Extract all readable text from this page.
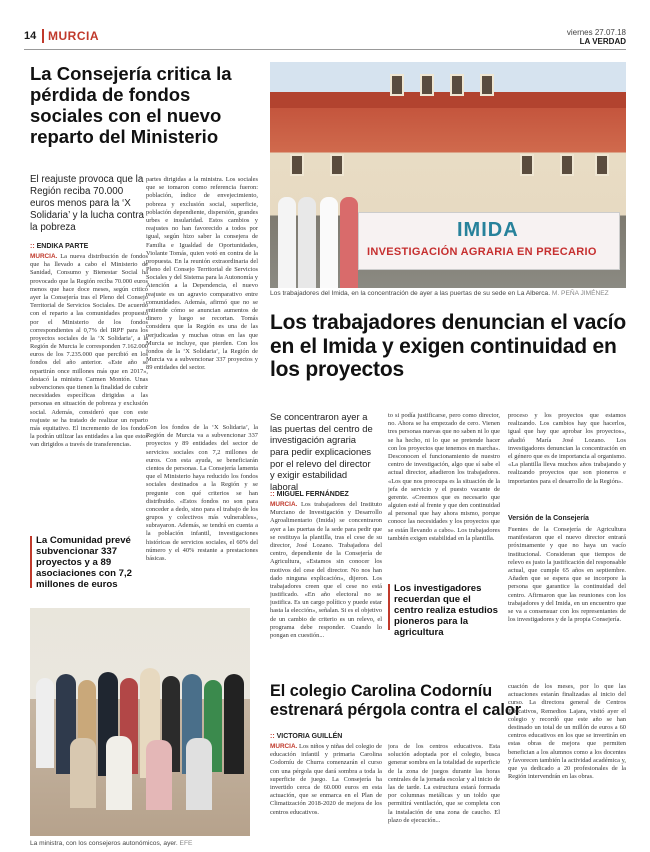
14 MURCIA	viernes 27.07.18
LA VERDAD
La Consejería critica la pérdida de fondos sociales con el nuevo reparto del Ministerio

El reajuste provoca que la Región reciba 70.000 euros menos para la ‘X Solidaria’ y la lucha contra la pobreza

:: ENDIKA PARTE
MURCIA. La nueva distribución de fondos que ha llevado a cabo el Ministerio de Sanidad, Consumo y Bienestar Social ha provocado que la Región reciba 70.000 euros menos que hace doce meses, según criticó ayer la Consejería tras el Pleno del Consejo Territorial de Servicios Sociales. De acuerdo con el reparto a las comunidades propuesto por el Ministerio de los fondos correspondientes al 0,7% del IRPF para los proyectos sociales de la ‘X Solidaria’, a la Región de Murcia le corresponden 7.162.000 euros de los 7.235.000 que percibió en los fondos del año anterior. «Este año se repartirán once millones más que en 2017», destacó la ministra Carmen Montón. Unas subvenciones que tienen la finalidad de cubrir necesidades específicas dirigidas a las personas en situación de pobreza y exclusión social. Además, consideró que con este reajuste se ha tratado de realizar un reparto más equitativo. El incremento de los fondos la podrán utilizar las entidades a las que estos van dirigidos a través de transferencias.
partes dirigidas a la ministra. Los sociales que se tomaron como referencia fueron: población, índice de envejecimiento, pobreza y exclusión social, superficie, población dependiente, dispersión, grandes urbes e insularidad. Estos cambios y reajustes no han favorecido a todos por igual, según hizo saber la consejera de Familia e Igualdad de Oportunidades, Violante Tomás, quien votó en contra de la propuesta. En la reunión extraordinaria del Pleno del Consejo Territorial de Servicios Sociales y del Sistema para la Autonomía y Atención a la Dependencia, el nuevo reajuste es un agravio comparativo entre comunidades. Además, afirmó que no se entiende cómo se anuncian aumentos de dinero y luego se recortan. Tomás considera que la Región es una de las perjudicadas y muchas otras en las que Murcia se incluye, que pierden. Con los fondos de la ‘X Solidaria’, la Región de Murcia va a subvencionar 337 proyectos y 89 entidades del sector.
La Comunidad prevé subvencionar 337 proyectos y a 89 asociaciones con 7,2 millones de euros
Con los fondos de la ‘X Solidaria’, la Región de Murcia va a subvencionar 337 proyectos y 89 entidades del sector de servicios sociales con 7,2 millones de euros. Con esta ayuda, se beneficiarán cientos de personas. La Consejería lamenta que el Ministerio haya reducido los fondos sociales destinados a la Región y se pregunte con qué criterios se han distribuido. «Estos fondos no son para conceder a dedo, sino para el trabajo de los grupos y colectivos más vulnerables», subrayaron. Además, se tendrá en cuenta a la población infantil, investigaciones históricas de servicios sociales, el 60% del número y el 40% restante a prestaciones básicas.
La ministra, con los consejeros autonómicos, ayer. EFE
IMIDA
INVESTIGACIÓN AGRARIA EN PRECARIO
Los trabajadores del Imida, en la concentración de ayer a las puertas de su sede en La Alberca. M. PEÑA JIMÉNEZ
Los trabajadores denuncian el vacío en el Imida y exigen continuidad en los proyectos

Se concentraron ayer a las puertas del centro de investigación agraria para pedir explicaciones por el relevo del director y exigir estabilidad laboral

:: MIGUEL FERNÁNDEZ
MURCIA. Los trabajadores del Instituto Murciano de Investigación y Desarrollo Agroalimentario (Imida) se concentraron ayer a las puertas de la sede para pedir que se restituya la plantilla, tras el cese de su director, José Lozano. Trabajadora del centro, dependiente de la Consejería de Agricultura, «Estamos sin conocer los motivos del cese del director. No nos han dado ninguna explicación», dijeron. Los trabajadores creen que el cese no está justificado. «En año electoral no se justifica. Es un cargo político y puede estar hasta la elección», señalan. Si es el objetivo de un cambio de criterio es un relevo, el programa debe responder. Cuando lo pongan en cuestión...
to si podía justificarse, pero como director, no. Ahora se ha empezado de cero. Vienen tres personas nuevas que no saben ni lo que se ha hecho, ni lo que se pretende hacer con los proyectos que tenemos en marcha». Desconocen el funcionamiento de nuestro centro de investigación, algo que sí sabe el actual director, añadieron los trabajadores. «Los que nos preocupa es la situación de la jefa de servicio y el puesto vacante de gerente. «Creemos que es necesario que alguien esté al frente y que den continuidad al personal que hay ahora mismo, porque conoce las necesidades y los proyectos que se están llevando a cabo». Los trabajadores también exigen estabilidad en la plantilla.
Los investigadores recuerdan que el centro realiza estudios pioneros para la agricultura
proceso y los proyectos que estamos realizando. Los cambios hay que hacerlos, igual que hay que aprobar los proyectos», añadió María José Lozano. Los investigadores denuncian la concentración en el género que es de importancia al organismo. «La plantilla lleva muchos años trabajando y realizando proyectos que son pioneros e importantes para el desarrollo de la Región».
Versión de la Consejería
Fuentes de la Consejería de Agricultura manifestaron que el nuevo director entrará próximamente y que no haya un vacío institucional. Consideran que tiempos de relevo es justo la justificación del responsable actual, que cumple 65 años en septiembre. Añaden que se espera que se incorpore la persona que garantice la continuidad del centro. Afirmaron que las reuniones con los trabajadores y del Imida, en un encuentro que se va a consensuar con los representantes de los investigadores y de la propia Consejería.
El colegio Carolina Codorníu estrenará pérgola contra el calor
:: VICTORIA GUILLÉN
MURCIA. Los niños y niñas del colegio de educación infantil y primaria Carolina Codorníu de Churra comenzarán el curso con una pérgola que dará sombra a toda la superficie de juego. La Consejería ha invertido cerca de 60.000 euros en esta actuación, que se enmarca en el Plan de Climatización 2018-2020 de mejora de los centros educativos.
jora de los centros educativos. Esta solución adoptada por el colegio, busca generar sombra en la totalidad de superficie de la zona de juegos durante las horas centrales de la jornada escolar y al inicio de las de tarde. La estructura estará formada por columnas metálicas y un toldo que permitirá ventilación, que se completa con la instalación de una zona de caucho. El plazo de ejecución...
cuación de los meses, por lo que las actuaciones estarán finalizadas al inicio del curso. La directora general de Centros Educativos, Remedios Lajara, visitó ayer el colegio y recordó que este año se han destinado un total de un millón de euros a 60 centros educativos en los que se invertirán en estas obras de mejora que permiten benefician a los alumnos como a los docentes y favorecen también la actividad académica y, que ya dedicado a 20 profesionales de la Región intervendrán en las obras.
